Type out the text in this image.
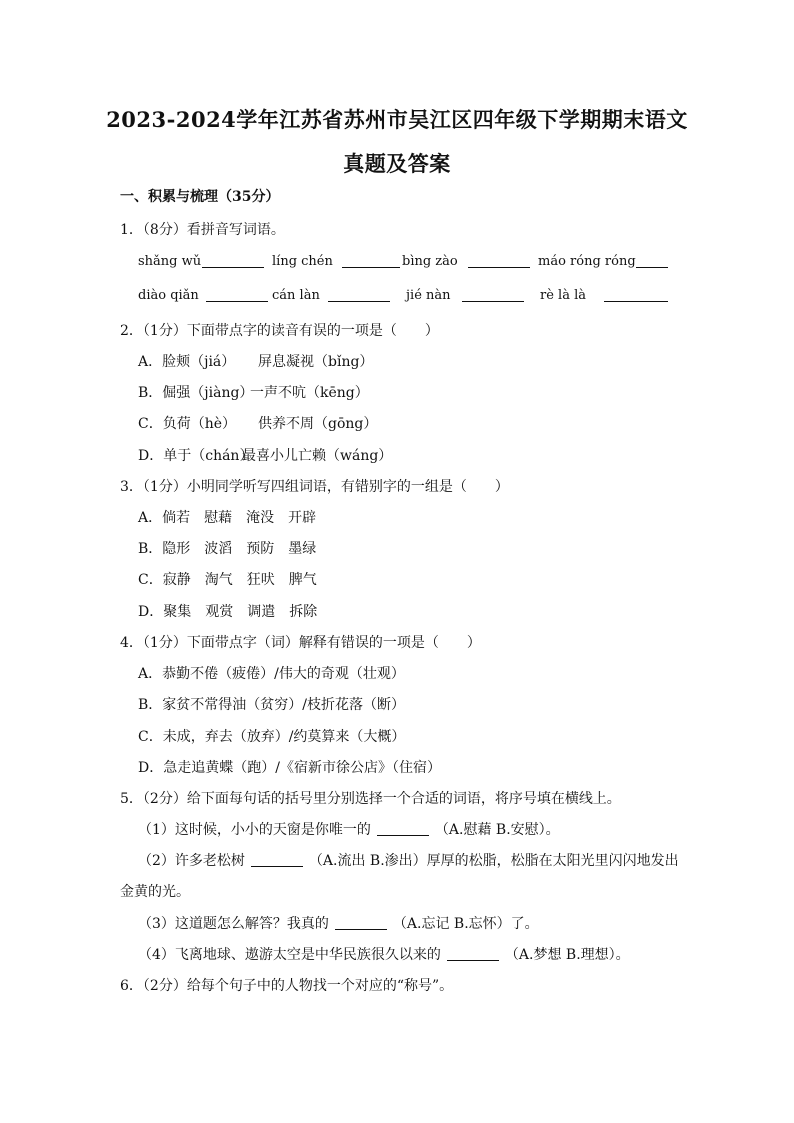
2023-2024学年江苏省苏州市吴江区四年级下学期期末语文
真题及答案
一、积累与梳理（35分）
1．（8分）看拼音写词语。
shǎng wǔ	líng chén	bìng zào	máo róng róng
diào qiǎn	cán làn	jié nàn	rè là là
2．（1分）下面带点字的读音有误的一项是（　　）
A．脸颊（jiá） 屏息凝视（bǐng）
B．倔强（jiàng）
一声不吭（kēng）
C．负荷（hè） 供养不周（gōng）
D．单于（chán）
最喜小儿亡赖（wáng）
3．（1分）小明同学听写四组词语，有错别字的一组是（　　）
A．倘若　慰藉　淹没　开辟
B．隐形　波滔　预防　墨绿
C．寂静　淘气　狂吠　脾气
D．聚集　观赏　调遣　拆除
4．（1分）下面带点字（词）解释有错误的一项是（　　）
A．恭勤不倦（疲倦）/伟大的奇观（壮观）
B．家贫不常得油（贫穷）/枝折花落（断）
C．未成，弃去（放弃）/约莫算来（大概）
D．急走追黄蝶（跑）/《宿新市徐公店》（住宿）
5．（2分）给下面每句话的括号里分别选择一个合适的词语，将序号填在横线上。
（1）这时候，小小的天窗是你唯一的	（A.慰藉 B.安慰）。
（2）许多老松树	（A.流出 B.渗出）厚厚的松脂，松脂在太阳光里闪闪地发出
金黄的光。
（3）这道题怎么解答？我真的	（A.忘记 B.忘怀）了。
（4）飞离地球、遨游太空是中华民族很久以来的	（A.梦想 B.理想）。
6．（2分）给每个句子中的人物找一个对应的“称号”。
